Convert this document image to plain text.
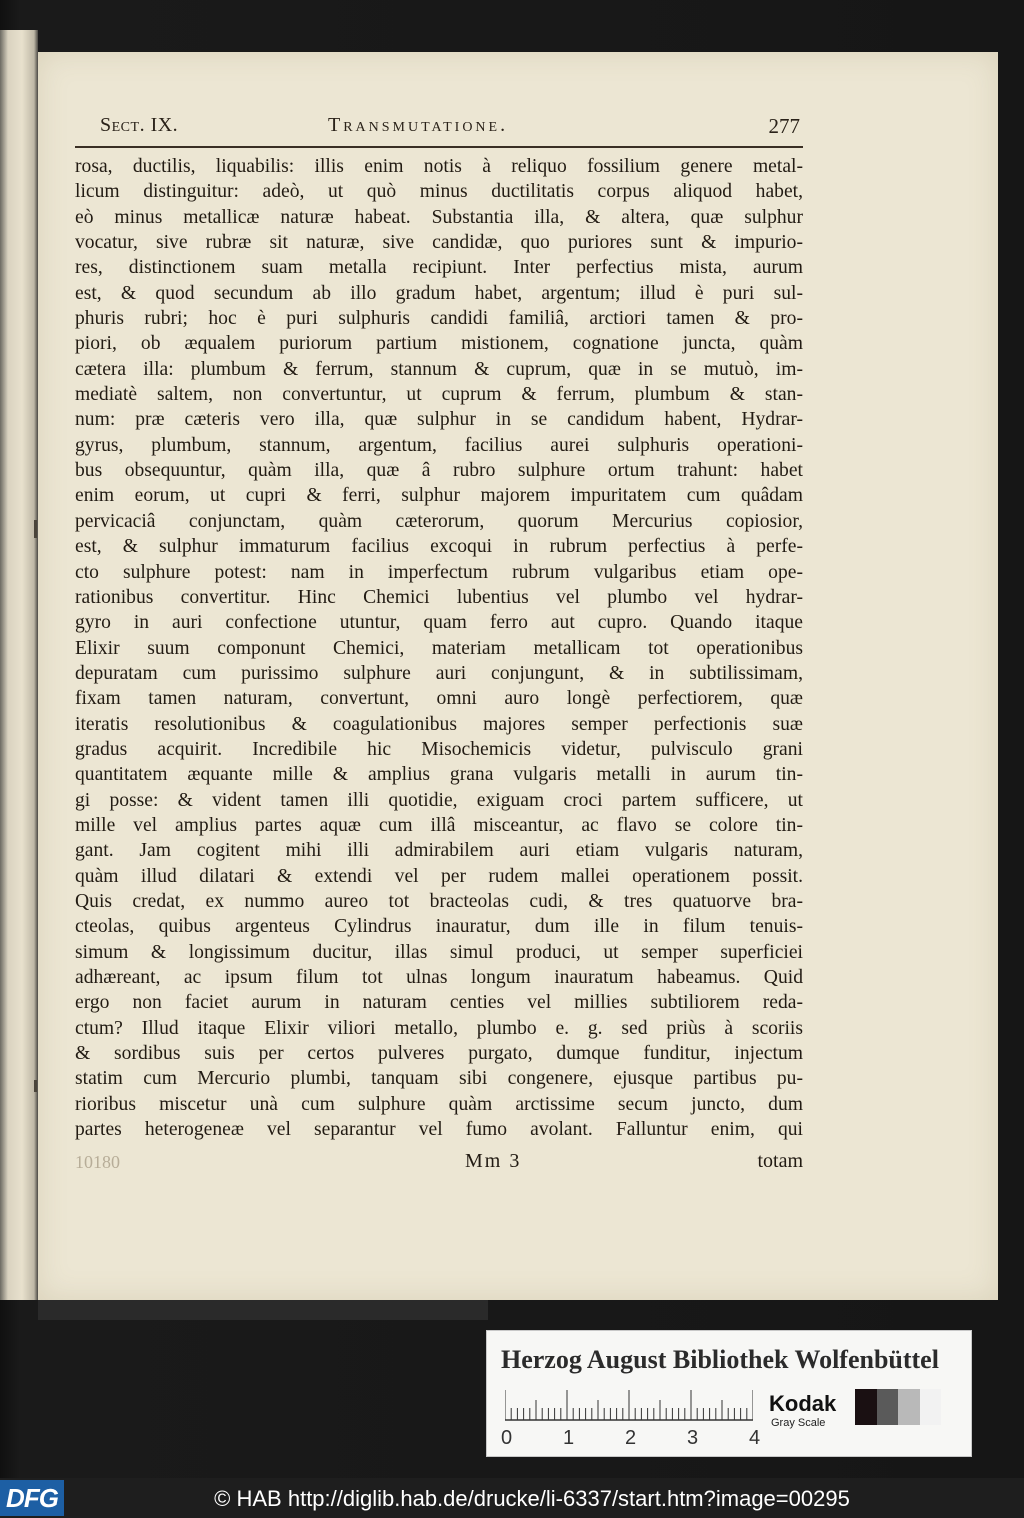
Sect. IX.	Transmutatione.	277
rosa, ductilis, liquabilis: illis enim notis à reliquo fossilium genere metal-
licum distinguitur: adeò, ut quò minus ductilitatis corpus aliquod habet,
eò minus metallicæ naturæ habeat. Substantia illa, & altera, quæ sulphur
vocatur, sive rubræ sit naturæ, sive candidæ, quo puriores sunt & impurio-
res, distinctionem suam metalla recipiunt. Inter perfectius mista, aurum
est, & quod secundum ab illo gradum habet, argentum; illud è puri sul-
phuris rubri; hoc è puri sulphuris candidi familiâ, arctiori tamen & pro-
piori, ob æqualem puriorum partium mistionem, cognatione juncta, quàm
cætera illa: plumbum & ferrum, stannum & cuprum, quæ in se mutuò, im-
mediatè saltem, non convertuntur, ut cuprum & ferrum, plumbum & stan-
num: præ cæteris vero illa, quæ sulphur in se candidum habent, Hydrar-
gyrus, plumbum, stannum, argentum, facilius aurei sulphuris operationi-
bus obsequuntur, quàm illa, quæ â rubro sulphure ortum trahunt: habet
enim eorum, ut cupri & ferri, sulphur majorem impuritatem cum quâdam
pervicaciâ conjunctam, quàm cæterorum, quorum Mercurius copiosior,
est, & sulphur immaturum facilius excoqui in rubrum perfectius à perfe-
cto sulphure potest: nam in imperfectum rubrum vulgaribus etiam ope-
rationibus convertitur. Hinc Chemici lubentius vel plumbo vel hydrar-
gyro in auri confectione utuntur, quam ferro aut cupro. Quando itaque
Elixir suum componunt Chemici, materiam metallicam tot operationibus
depuratam cum purissimo sulphure auri conjungunt, & in subtilissimam,
fixam tamen naturam, convertunt, omni auro longè perfectiorem, quæ
iteratis resolutionibus & coagulationibus majores semper perfectionis suæ
gradus acquirit. Incredibile hic Misochemicis videtur, pulvisculo grani
quantitatem æquante mille & amplius grana vulgaris metalli in aurum tin-
gi posse: & vident tamen illi quotidie, exiguam croci partem sufficere, ut
mille vel amplius partes aquæ cum illâ misceantur, ac flavo se colore tin-
gant. Jam cogitent mihi illi admirabilem auri etiam vulgaris naturam,
quàm illud dilatari & extendi vel per rudem mallei operationem possit.
Quis credat, ex nummo aureo tot bracteolas cudi, & tres quatuorve bra-
cteolas, quibus argenteus Cylindrus inauratur, dum ille in filum tenuis-
simum & longissimum ducitur, illas simul produci, ut semper superficiei
adhæreant, ac ipsum filum tot ulnas longum inauratum habeamus. Quid
ergo non faciet aurum in naturam centies vel millies subtiliorem reda-
ctum? Illud itaque Elixir viliori metallo, plumbo e. g. sed priùs à scoriis
& sordibus suis per certos pulveres purgato, dumque funditur, injectum
statim cum Mercurio plumbi, tanquam sibi congenere, ejusque partibus pu-
rioribus miscetur unà cum sulphure quàm arctissime secum juncto, dum
partes heterogeneæ vel separantur vel fumo avolant. Falluntur enim, qui
10180	Mm 3	totam
Herzog August Bibliothek Wolfenbüttel
0	1	2	3	4
Kodak
Gray Scale
DFG	© HAB http://diglib.hab.de/drucke/li-6337/start.htm?image=00295
